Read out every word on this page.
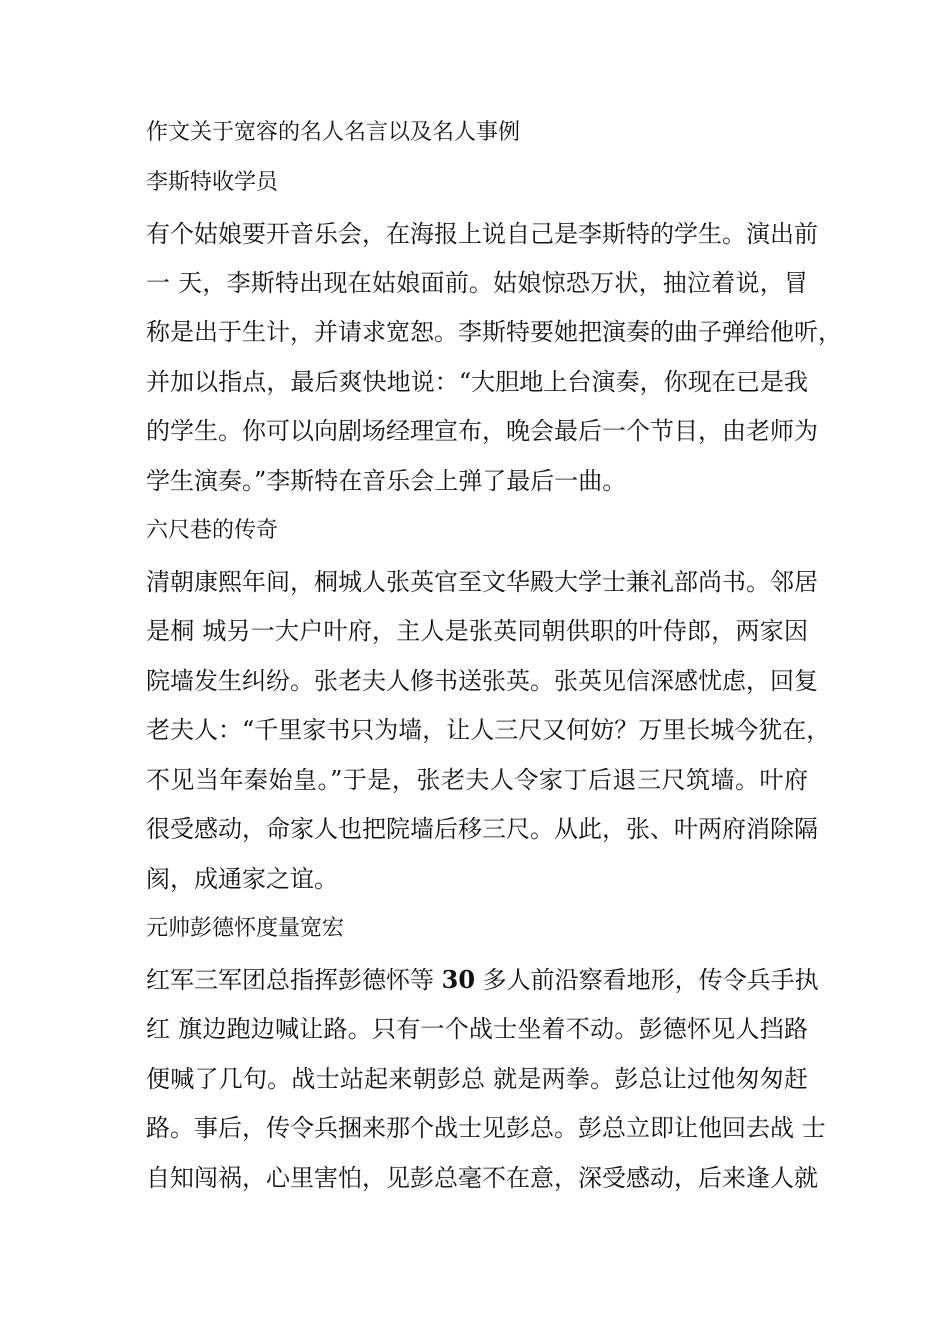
作文关于宽容的名人名言以及名人事例
李斯特收学员
有个姑娘要开音乐会，在海报上说自己是李斯特的学生。演出前
一 天，李斯特出现在姑娘面前。姑娘惊恐万状，抽泣着说，冒
称是出于生计，并请求宽恕。李斯特要她把演奏的曲子弹给他听，
并加以指点，最后爽快地说：“大胆地上台演奏，你现在已是我
的学生。你可以向剧场经理宣布，晚会最后一个节目，由老师为
学生演奏。”李斯特在音乐会上弹了最后一曲。
六尺巷的传奇
清朝康熙年间，桐城人张英官至文华殿大学士兼礼部尚书。邻居
是桐 城另一大户叶府，主人是张英同朝供职的叶侍郎，两家因
院墙发生纠纷。张老夫人修书送张英。张英见信深感忧虑，回复
老夫人：“千里家书只为墙，让人三尺又何妨？万里长城今犹在，
不见当年秦始皇。”于是，张老夫人令家丁后退三尺筑墙。叶府
很受感动，命家人也把院墙后移三尺。从此，张、叶两府消除隔
阂，成通家之谊。
元帅彭德怀度量宽宏
红军三军团总指挥彭德怀等 30 多人前沿察看地形，传令兵手执
红 旗边跑边喊让路。只有一个战士坐着不动。彭德怀见人挡路
便喊了几句。战士站起来朝彭总 就是两拳。彭总让过他匆匆赶
路。事后，传令兵捆来那个战士见彭总。彭总立即让他回去战 士
自知闯祸，心里害怕，见彭总毫不在意，深受感动，后来逢人就
